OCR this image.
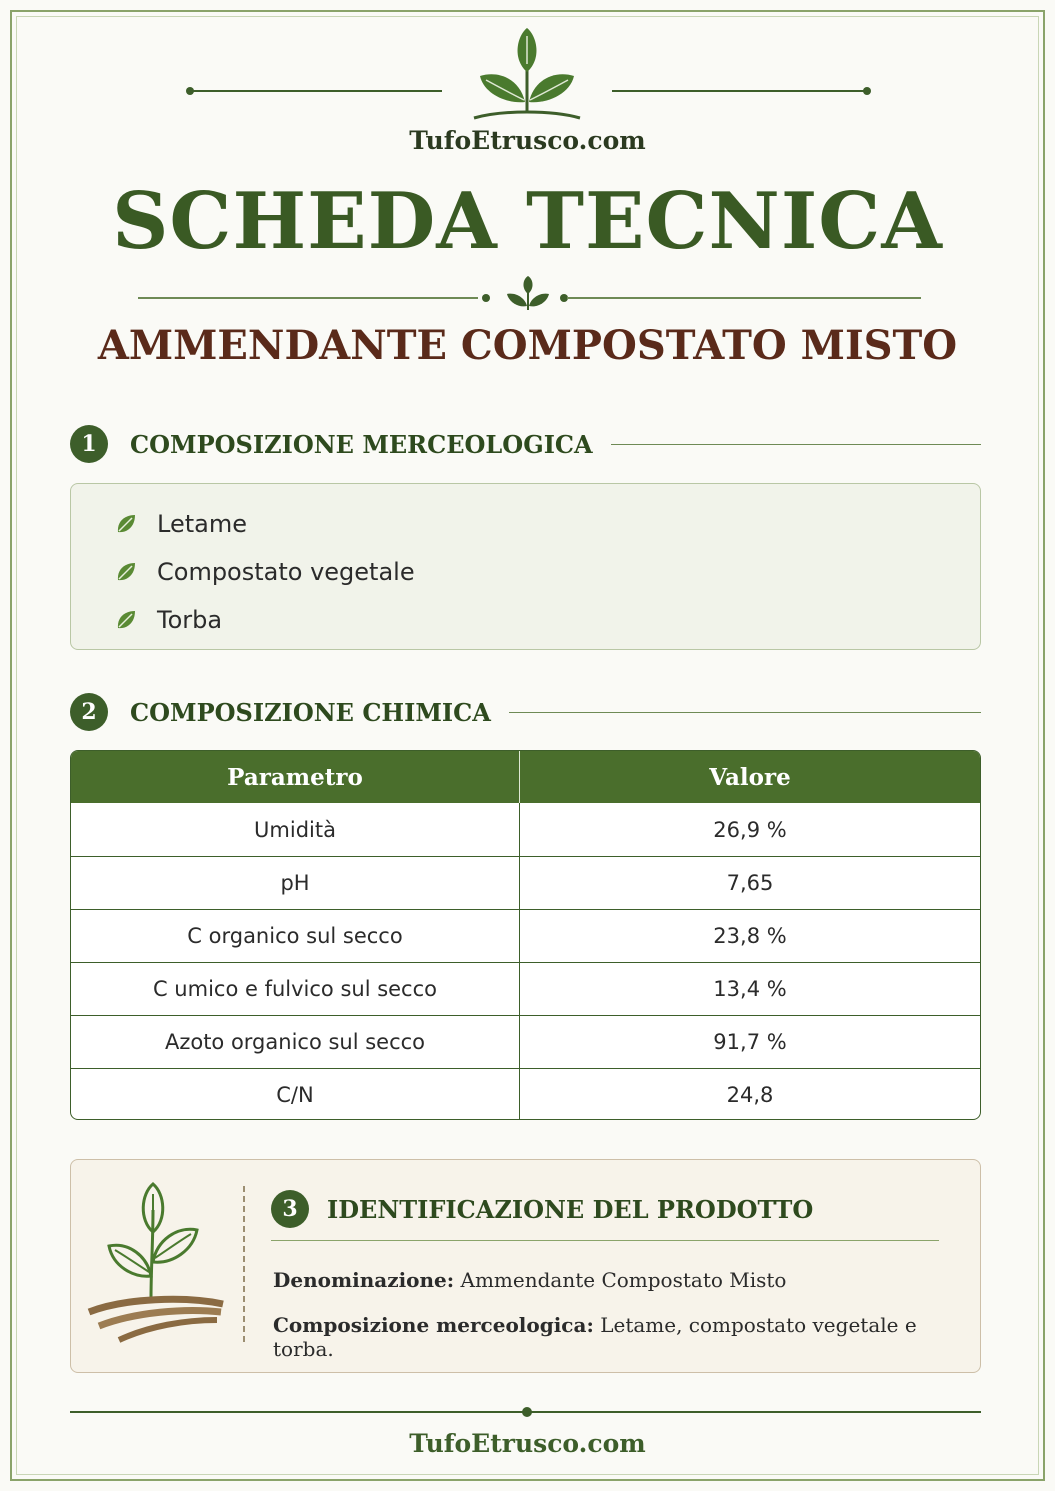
TufoEtrusco.com
SCHEDA TECNICA
AMMENDANTE COMPOSTATO MISTO
1	COMPOSIZIONE MERCEOLOGICA
Letame
Compostato vegetale
Torba
2	COMPOSIZIONE CHIMICA
Parametro	Valore
Umidità	26,9 %
pH	7,65
C organico sul secco	23,8 %
C umico e fulvico sul secco	13,4 %
Azoto organico sul secco	91,7 %
C/N	24,8
3	IDENTIFICAZIONE DEL PRODOTTO
Denominazione: Ammendante Compostato Misto
Composizione merceologica: Letame, compostato vegetale e torba.
TufoEtrusco.com
